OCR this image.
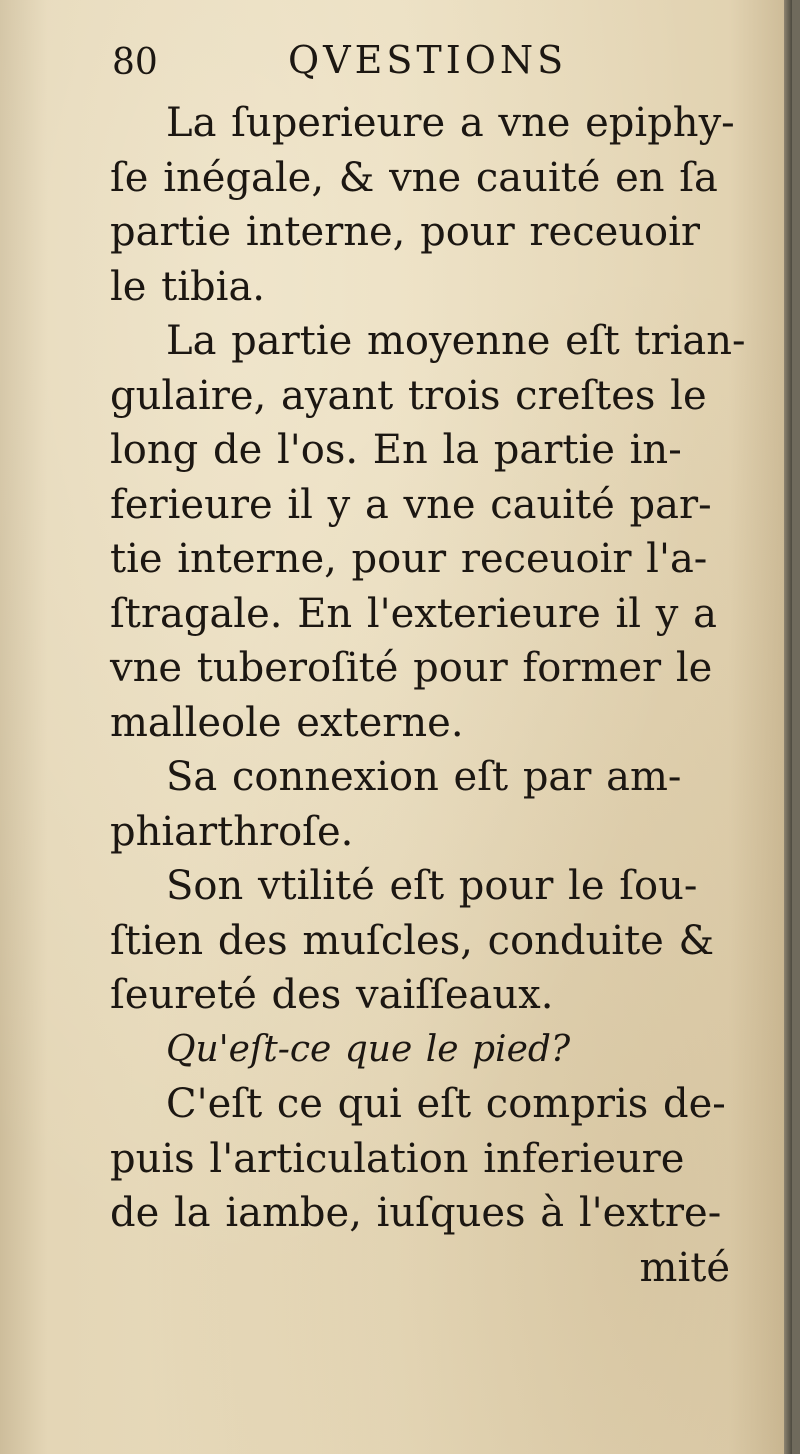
80	QVESTIONS
La ſuperieure a vne epiphy-
ſe inégale, & vne cauité en ſa
partie interne, pour receuoir
le tibia.
La partie moyenne eſt trian-
gulaire, ayant trois creſtes le
long de l'os. En la partie in-
ferieure il y a vne cauité par-
tie interne, pour receuoir l'a-
ſtragale. En l'exterieure il y a
vne tuberoſité pour former le
malleole externe.
Sa connexion eſt par am-
phiarthroſe.
Son vtilité eſt pour le ſou-
ſtien des muſcles, conduite &
ſeureté des vaiſſeaux.
Qu'eſt-ce que le pied?
C'eſt ce qui eſt compris de-
puis l'articulation inferieure
de la iambe, iuſques à l'extre-
mité
